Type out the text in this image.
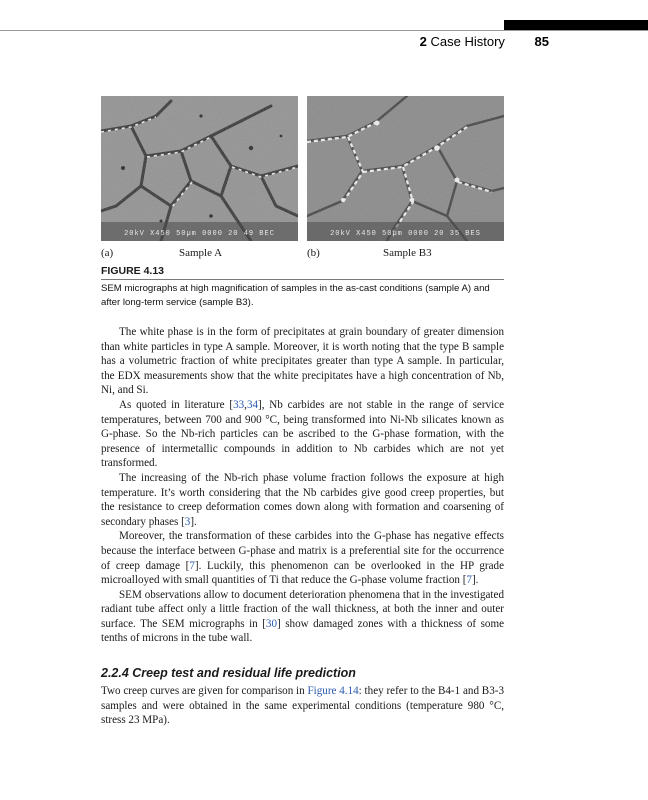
2 Case History 85
20kV X450 50µm 0000 20 49 BEC	20kV X450 50µm 0000 20 35 BES
(a)	Sample A	(b)	Sample B3
FIGURE 4.13
SEM micrographs at high magnification of samples in the as-cast conditions (sample A) and after long-term service (sample B3).

The white phase is in the form of precipitates at grain boundary of greater dimension than white particles in type A sample. Moreover, it is worth noting that the type B sample has a volumetric fraction of white precipitates greater than type A sample. In particular, the EDX measurements show that the white precipitates have a high concentration of Nb, Ni, and Si.

As quoted in literature [33,34], Nb carbides are not stable in the range of service temperatures, between 700 and 900 °C, being transformed into Ni-Nb silicates known as G-phase. So the Nb-rich particles can be ascribed to the G-phase formation, with the presence of intermetallic compounds in addition to Nb carbides which are not yet transformed.

The increasing of the Nb-rich phase volume fraction follows the exposure at high temperature. It’s worth considering that the Nb carbides give good creep properties, but the resistance to creep deformation comes down along with formation and coarsening of secondary phases [3].

Moreover, the transformation of these carbides into the G-phase has negative effects because the interface between G-phase and matrix is a preferential site for the occurrence of creep damage [7]. Luckily, this phenomenon can be overlooked in the HP grade microalloyed with small quantities of Ti that reduce the G-phase volume fraction [7].

SEM observations allow to document deterioration phenomena that in the investigated radiant tube affect only a little fraction of the wall thickness, at both the inner and outer surface. The SEM micrographs in [30] show damaged zones with a thickness of some tenths of microns in the tube wall.

2.2.4 Creep test and residual life prediction

Two creep curves are given for comparison in Figure 4.14: they refer to the B4-1 and B3-3 samples and were obtained in the same experimental conditions (temperature 980 °C, stress 23 MPa).
